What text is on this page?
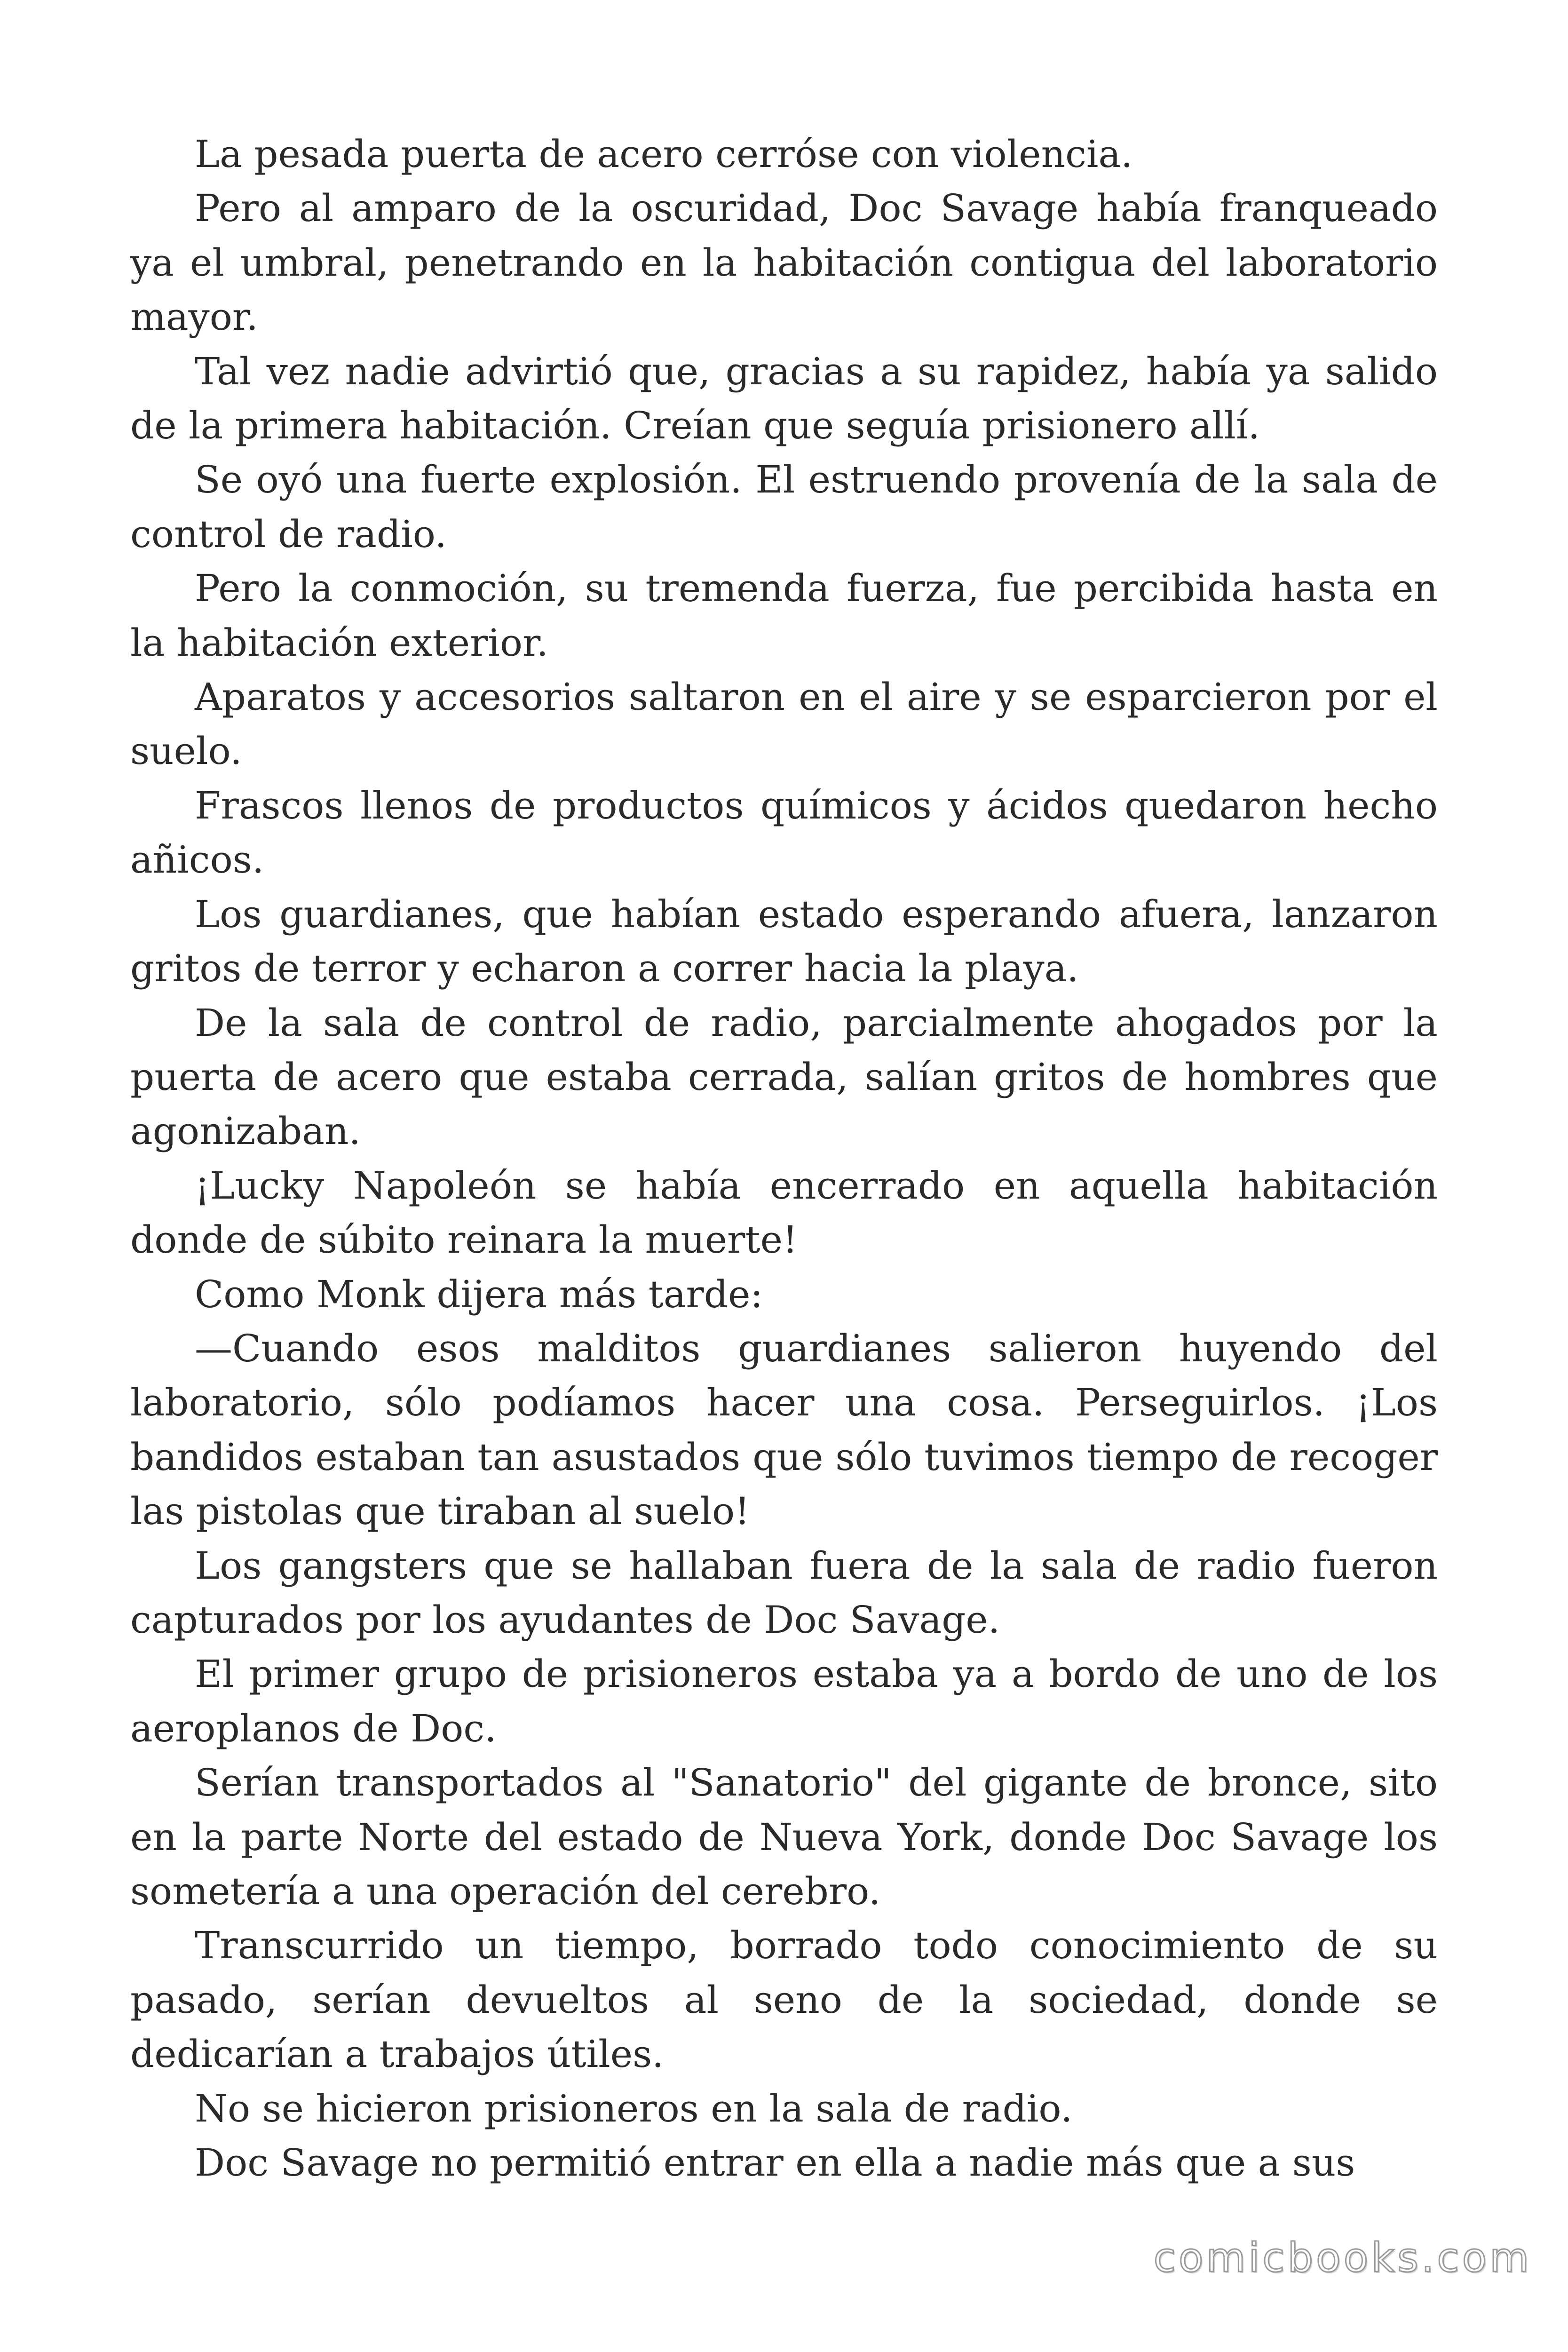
La pesada puerta de acero cerróse con violencia.

Pero al amparo de la oscuridad, Doc Savage había franqueado ya el umbral, penetrando en la habitación contigua del laboratorio mayor.

Tal vez nadie advirtió que, gracias a su rapidez, había ya salido de la primera habitación. Creían que seguía prisionero allí.

Se oyó una fuerte explosión. El estruendo provenía de la sala de control de radio.

Pero la conmoción, su tremenda fuerza, fue percibida hasta en la habitación exterior.

Aparatos y accesorios saltaron en el aire y se esparcieron por el suelo.

Frascos llenos de productos químicos y ácidos quedaron hecho añicos.

Los guardianes, que habían estado esperando afuera, lanzaron gritos de terror y echaron a correr hacia la playa.

De la sala de control de radio, parcialmente ahogados por la puerta de acero que estaba cerrada, salían gritos de hombres que agonizaban.

¡Lucky Napoleón se había encerrado en aquella habitación donde de súbito reinara la muerte!

Como Monk dijera más tarde:

—Cuando esos malditos guardianes salieron huyendo del laboratorio, sólo podíamos hacer una cosa. Perseguirlos. ¡Los bandidos estaban tan asustados que sólo tuvimos tiempo de recoger las pistolas que tiraban al suelo!

Los gangsters que se hallaban fuera de la sala de radio fueron capturados por los ayudantes de Doc Savage.

El primer grupo de prisioneros estaba ya a bordo de uno de los aeroplanos de Doc.

Serían transportados al "Sanatorio" del gigante de bronce, sito en la parte Norte del estado de Nueva York, donde Doc Savage los sometería a una operación del cerebro.

Transcurrido un tiempo, borrado todo conocimiento de su pasado, serían devueltos al seno de la sociedad, donde se dedicarían a trabajos útiles.

No se hicieron prisioneros en la sala de radio.

Doc Savage no permitió entrar en ella a nadie más que a sus

comicbooks.com
